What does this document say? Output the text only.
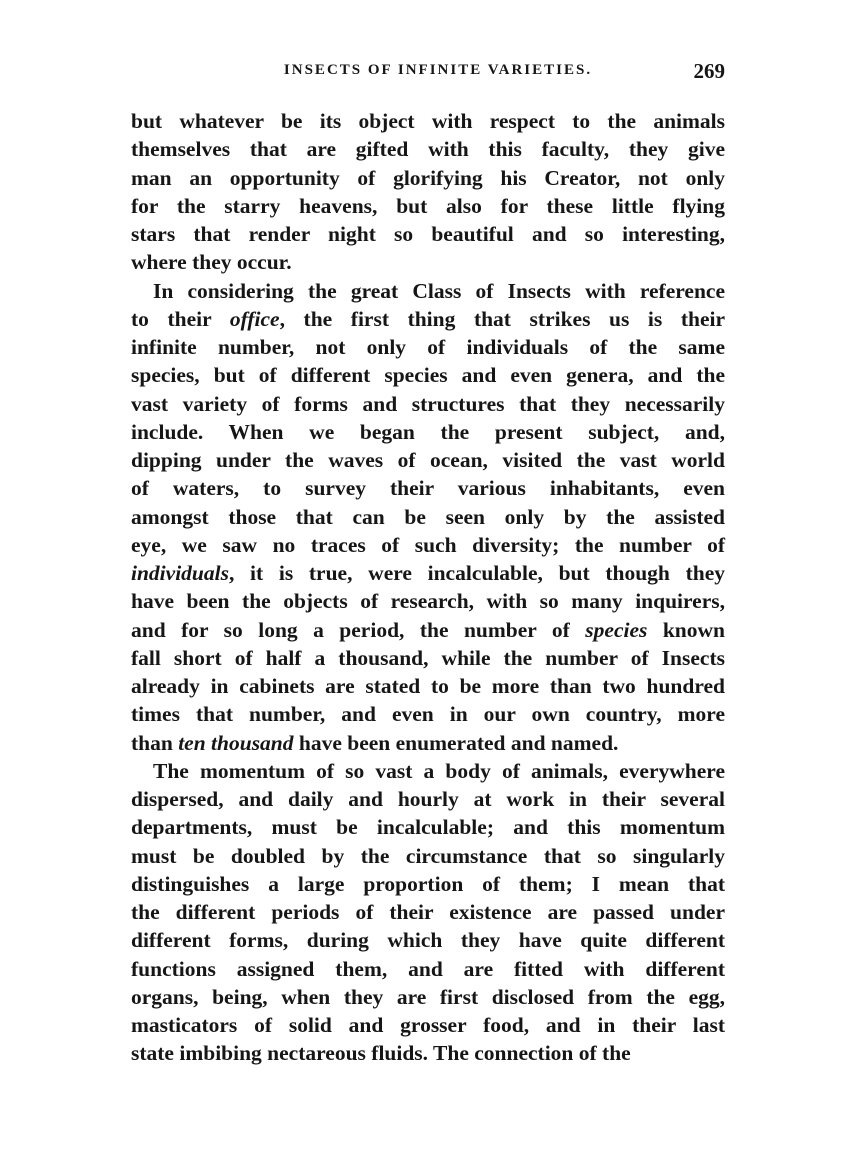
INSECTS OF INFINITE VARIETIES.	269
but whatever be its object with respect to the animals
themselves that are gifted with this faculty, they give
man an opportunity of glorifying his Creator, not only
for the starry heavens, but also for these little flying
stars that render night so beautiful and so interesting,
where they occur.
In considering the great Class of Insects with reference
to their office, the first thing that strikes us is their
infinite number, not only of individuals of the same
species, but of different species and even genera, and the
vast variety of forms and structures that they necessarily
include. When we began the present subject, and,
dipping under the waves of ocean, visited the vast world
of waters, to survey their various inhabitants, even
amongst those that can be seen only by the assisted
eye, we saw no traces of such diversity; the number of
individuals, it is true, were incalculable, but though they
have been the objects of research, with so many inquirers,
and for so long a period, the number of species known
fall short of half a thousand, while the number of Insects
already in cabinets are stated to be more than two hundred
times that number, and even in our own country, more
than ten thousand have been enumerated and named.
The momentum of so vast a body of animals, everywhere
dispersed, and daily and hourly at work in their several
departments, must be incalculable; and this momentum
must be doubled by the circumstance that so singularly
distinguishes a large proportion of them; I mean that
the different periods of their existence are passed under
different forms, during which they have quite different
functions assigned them, and are fitted with different
organs, being, when they are first disclosed from the egg,
masticators of solid and grosser food, and in their last
state imbibing nectareous fluids. The connection of the
